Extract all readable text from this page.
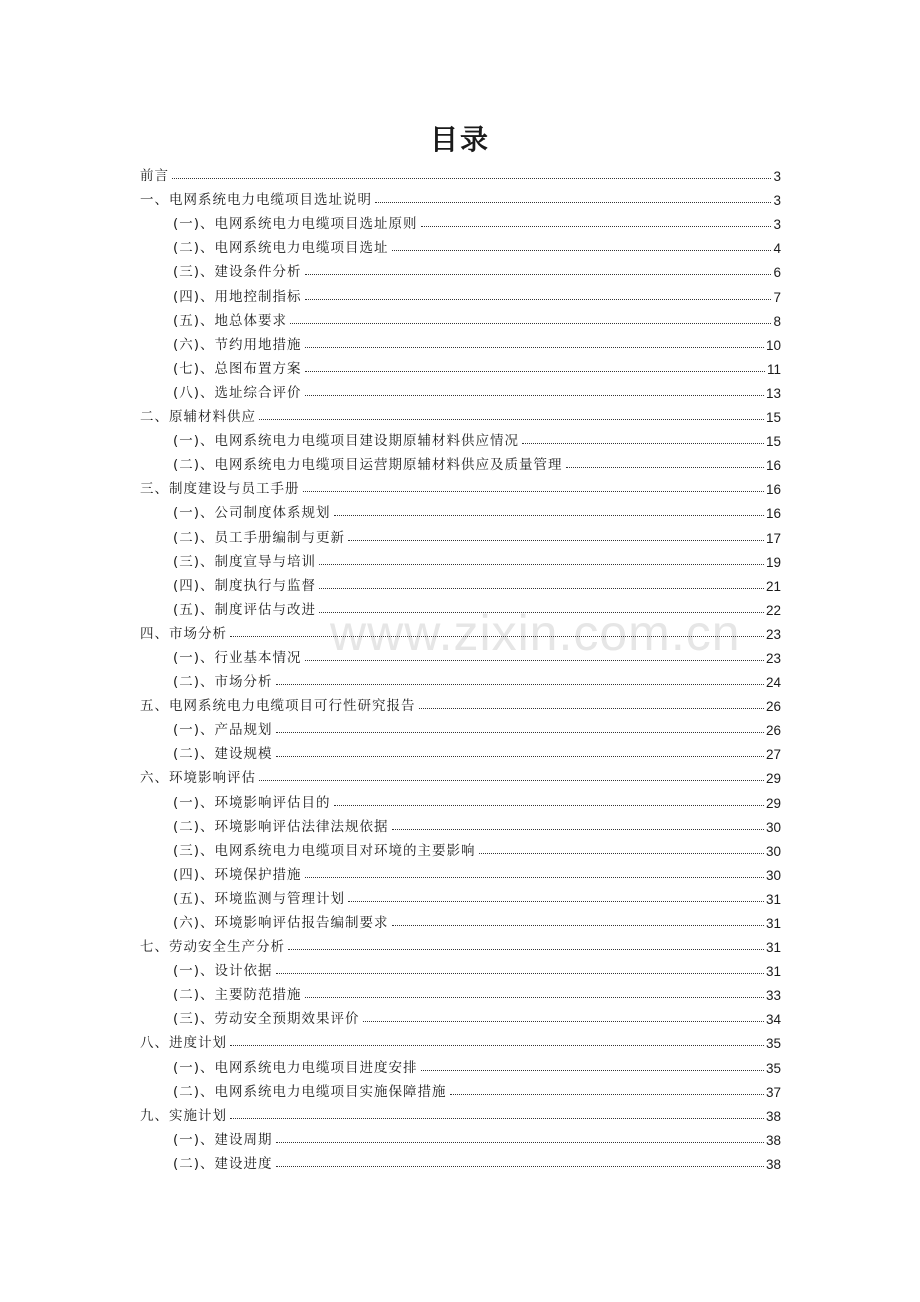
www.zixin.com.cn
目录
前言	3
一、电网系统电力电缆项目选址说明	3
(一)、电网系统电力电缆项目选址原则	3
(二)、电网系统电力电缆项目选址	4
(三)、建设条件分析	6
(四)、用地控制指标	7
(五)、地总体要求	8
(六)、节约用地措施	10
(七)、总图布置方案	11
(八)、选址综合评价	13
二、原辅材料供应	15
(一)、电网系统电力电缆项目建设期原辅材料供应情况	15
(二)、电网系统电力电缆项目运营期原辅材料供应及质量管理	16
三、制度建设与员工手册	16
(一)、公司制度体系规划	16
(二)、员工手册编制与更新	17
(三)、制度宣导与培训	19
(四)、制度执行与监督	21
(五)、制度评估与改进	22
四、市场分析	23
(一)、行业基本情况	23
(二)、市场分析	24
五、电网系统电力电缆项目可行性研究报告	26
(一)、产品规划	26
(二)、建设规模	27
六、环境影响评估	29
(一)、环境影响评估目的	29
(二)、环境影响评估法律法规依据	30
(三)、电网系统电力电缆项目对环境的主要影响	30
(四)、环境保护措施	30
(五)、环境监测与管理计划	31
(六)、环境影响评估报告编制要求	31
七、劳动安全生产分析	31
(一)、设计依据	31
(二)、主要防范措施	33
(三)、劳动安全预期效果评价	34
八、进度计划	35
(一)、电网系统电力电缆项目进度安排	35
(二)、电网系统电力电缆项目实施保障措施	37
九、实施计划	38
(一)、建设周期	38
(二)、建设进度	38
